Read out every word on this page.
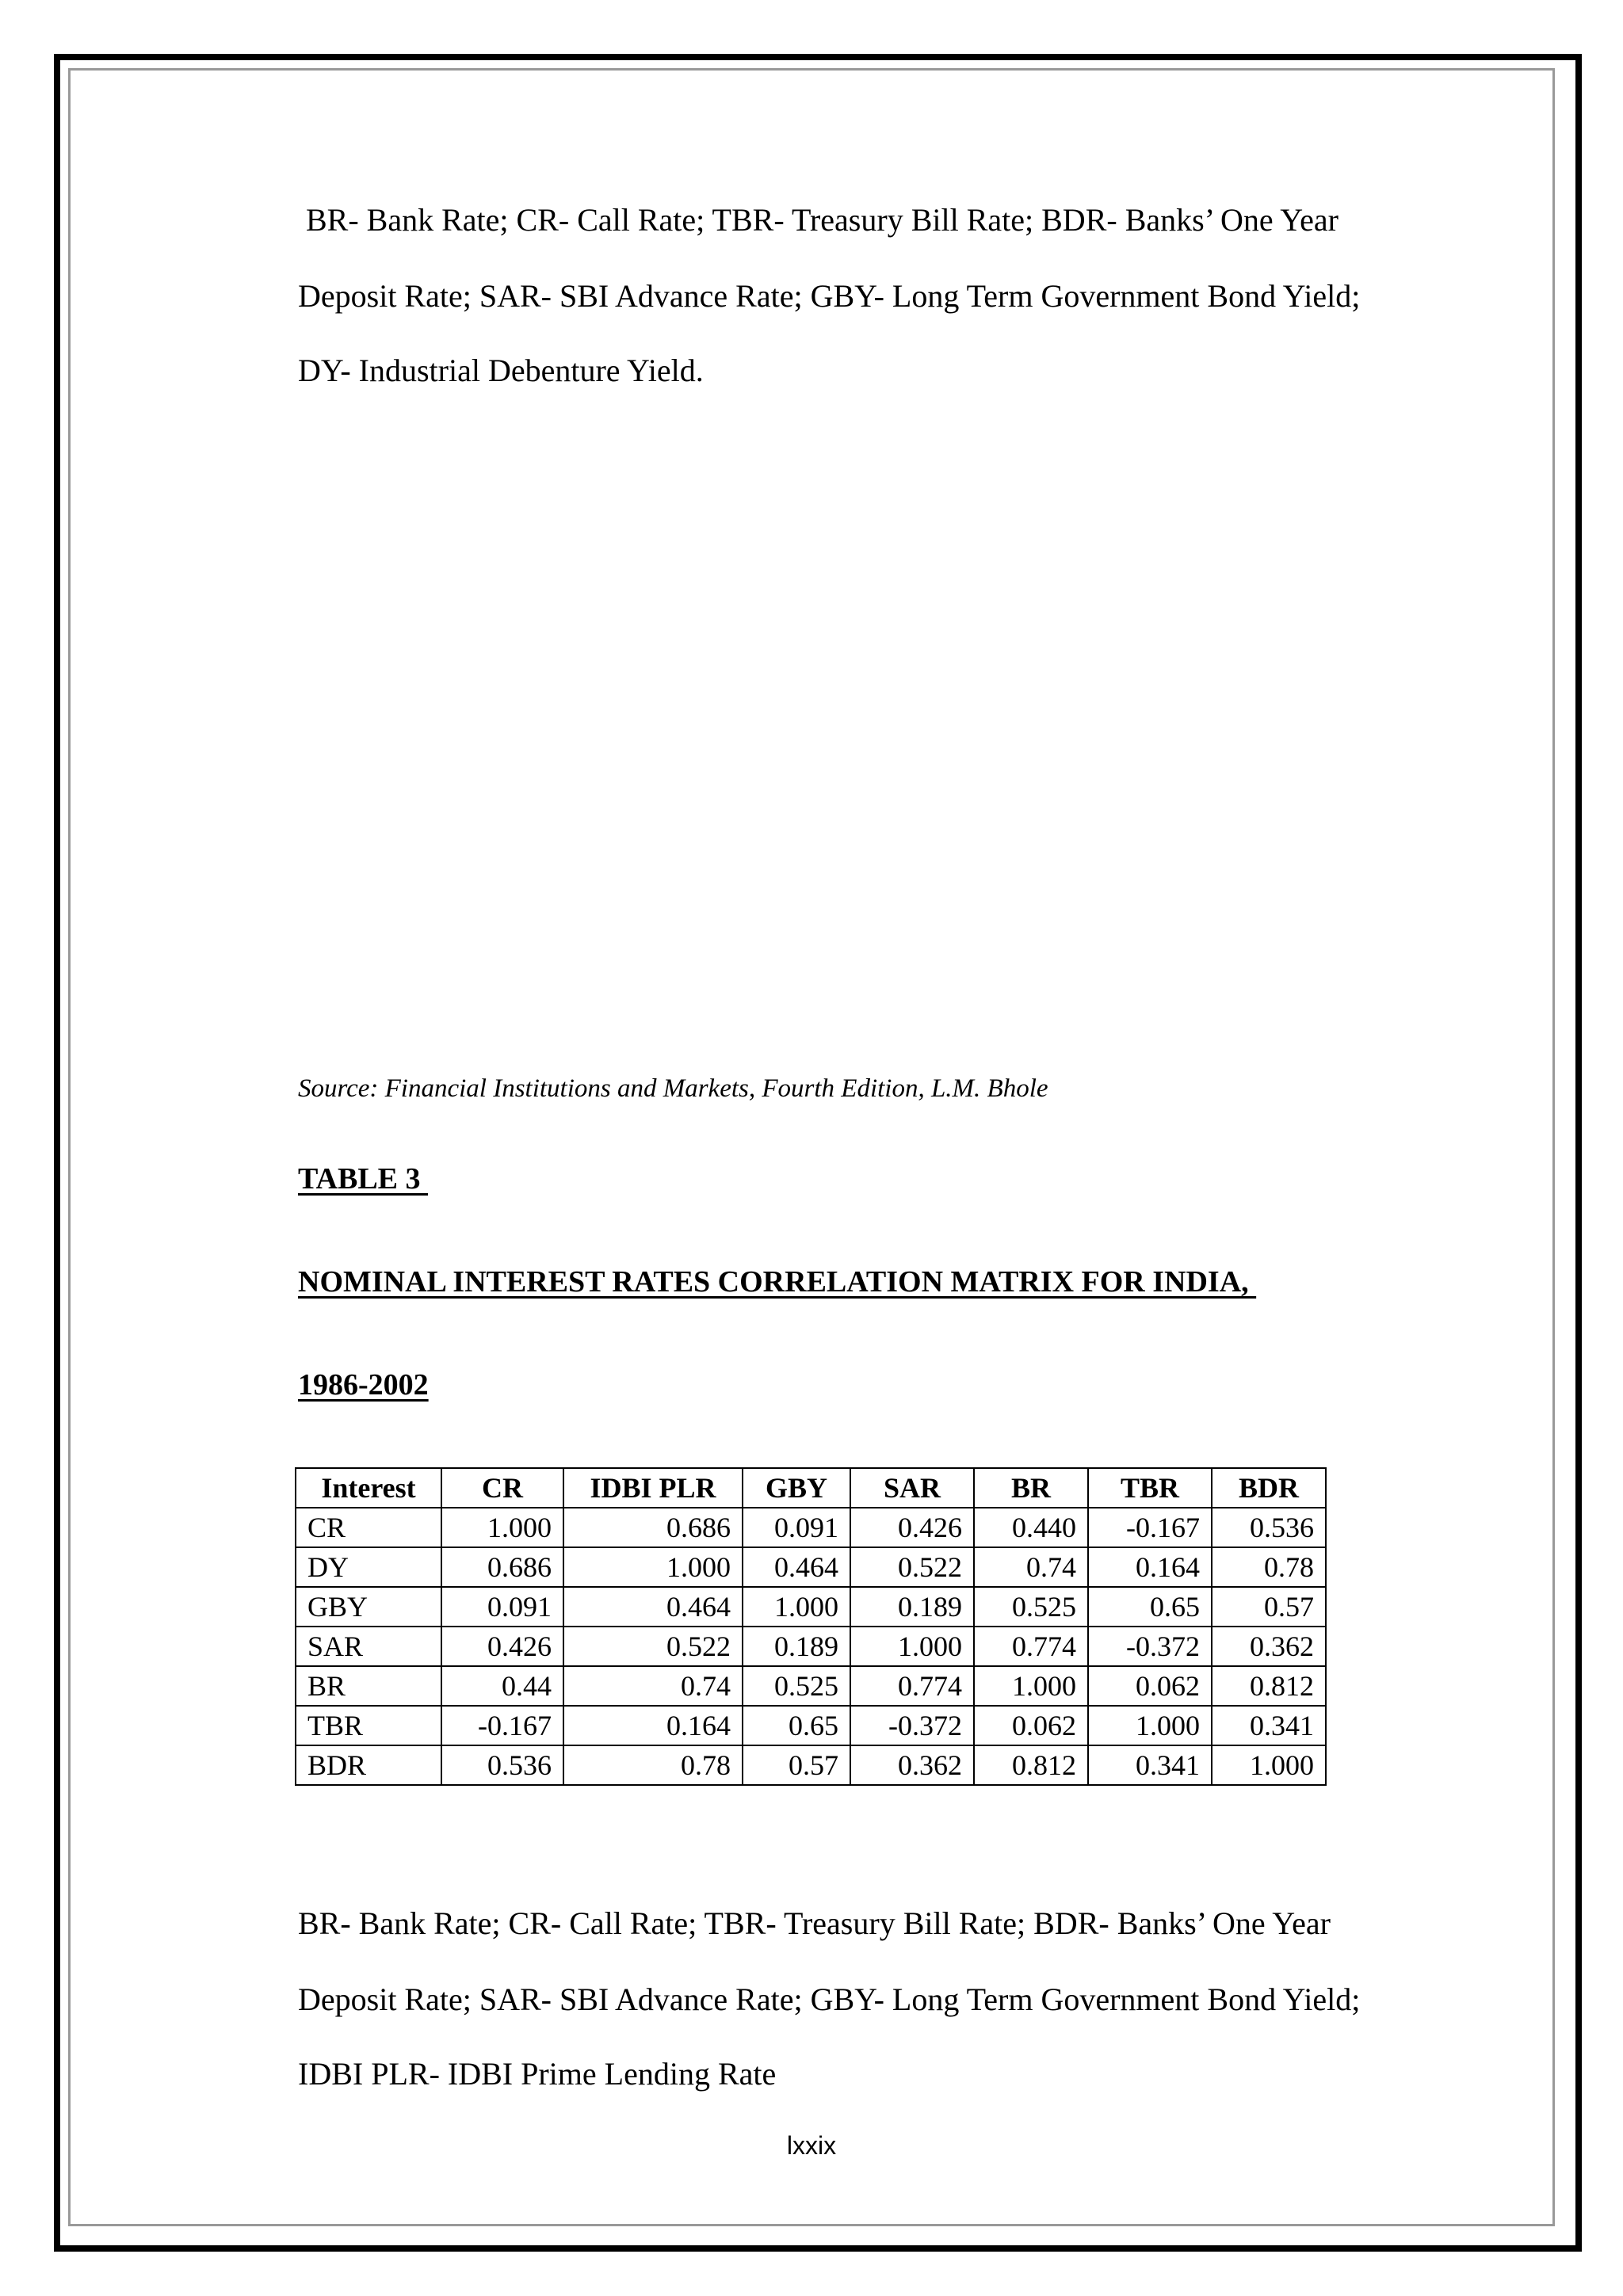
BR- Bank Rate; CR- Call Rate; TBR- Treasury Bill Rate; BDR- Banks’ One Year

Deposit Rate; SAR- SBI Advance Rate; GBY- Long Term Government Bond Yield;

DY- Industrial Debenture Yield.

Source: Financial Institutions and Markets, Fourth Edition, L.M. Bhole

TABLE 3

NOMINAL INTEREST RATES CORRELATION MATRIX FOR INDIA,

1986-2002

BR- Bank Rate; CR- Call Rate; TBR- Treasury Bill Rate; BDR- Banks’ One Year

Deposit Rate; SAR- SBI Advance Rate; GBY- Long Term Government Bond Yield;

IDBI PLR- IDBI Prime Lending Rate

Interest	CR	IDBI PLR	GBY	SAR	BR	TBR	BDR
CR	1.000	0.686	0.091	0.426	0.440	-0.167	0.536
DY	0.686	1.000	0.464	0.522	0.74	0.164	0.78
GBY	0.091	0.464	1.000	0.189	0.525	0.65	0.57
SAR	0.426	0.522	0.189	1.000	0.774	-0.372	0.362
BR	0.44	0.74	0.525	0.774	1.000	0.062	0.812
TBR	-0.167	0.164	0.65	-0.372	0.062	1.000	0.341
BDR	0.536	0.78	0.57	0.362	0.812	0.341	1.000
lxxix
